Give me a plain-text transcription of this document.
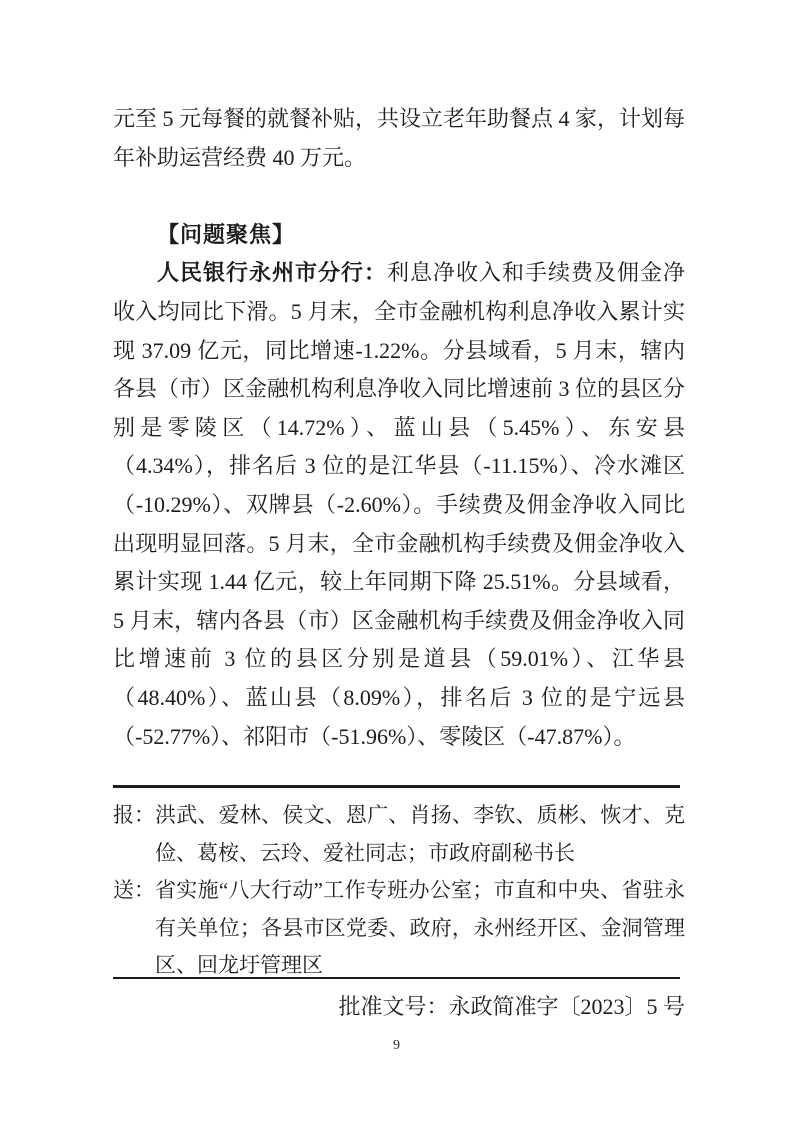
元至 5 元每餐的就餐补贴，共设立老年助餐点 4 家，计划每年补助运营经费 40 万元。

【问题聚焦】

人民银行永州市分行：利息净收入和手续费及佣金净收入均同比下滑。5 月末，全市金融机构利息净收入累计实现 37.09 亿元，同比增速-1.22%。分县域看，5 月末，辖内各县（市）区金融机构利息净收入同比增速前 3 位的县区分别是零陵区（14.72%）、蓝山县（5.45%）、东安县（4.34%），排名后 3 位的是江华县（-11.15%）、冷水滩区（-10.29%）、双牌县（-2.60%）。手续费及佣金净收入同比出现明显回落。5 月末，全市金融机构手续费及佣金净收入累计实现 1.44 亿元，较上年同期下降 25.51%。分县域看，5 月末，辖内各县（市）区金融机构手续费及佣金净收入同比增速前 3 位的县区分别是道县（59.01%）、江华县（48.40%）、蓝山县（8.09%），排名后 3 位的是宁远县（-52.77%）、祁阳市（-51.96%）、零陵区（-47.87%）。

报： 洪武、爱林、侯文、恩广、肖扬、李钦、质彬、恢才、克俭、葛桉、云玲、爱社同志；市政府副秘书长
送： 省实施“八大行动”工作专班办公室；市直和中央、省驻永有关单位；各县市区党委、政府，永州经开区、金洞管理区、回龙圩管理区
批准文号：永政简准字〔2023〕5 号
9
